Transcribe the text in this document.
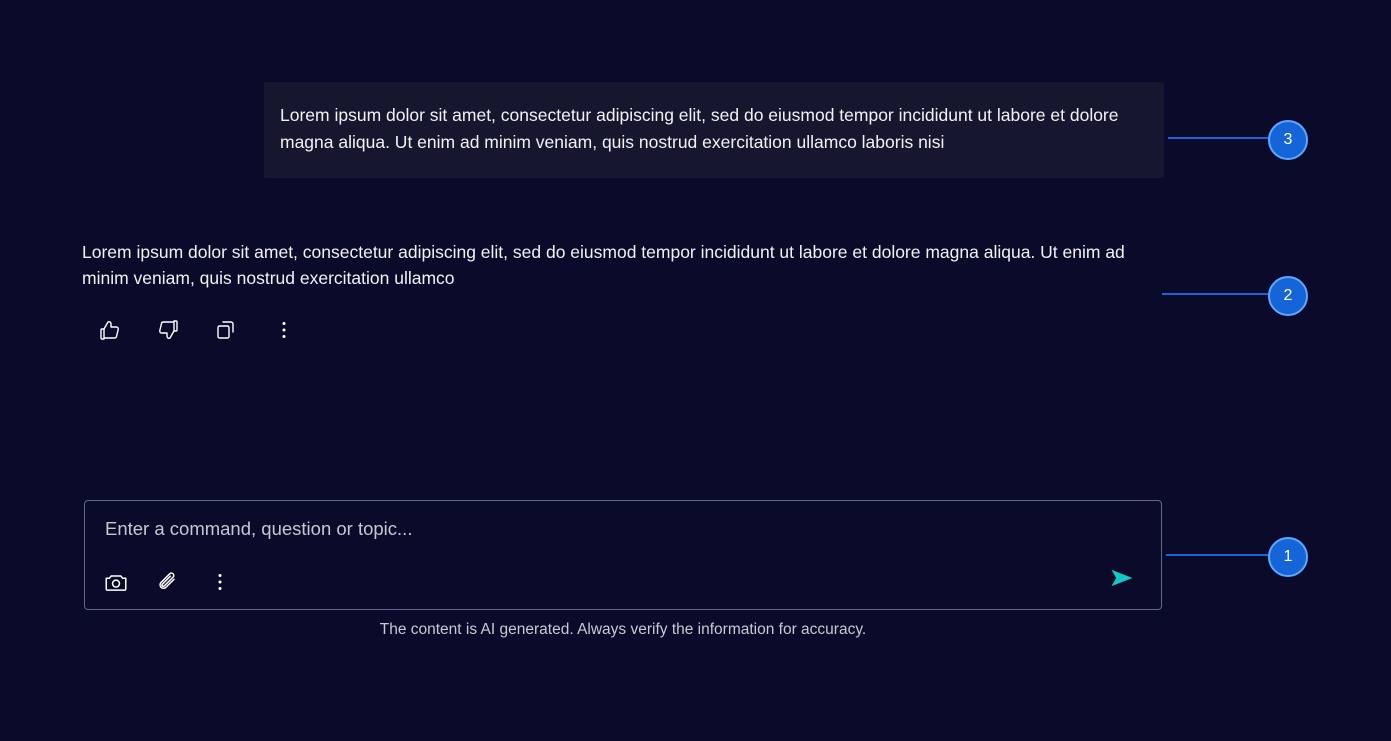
Lorem ipsum dolor sit amet, consectetur adipiscing elit, sed do eiusmod tempor incididunt ut labore et dolore magna aliqua. Ut enim ad minim veniam, quis nostrud exercitation ullamco laboris nisi
Lorem ipsum dolor sit amet, consectetur adipiscing elit, sed do eiusmod tempor incididunt ut labore et dolore magna aliqua. Ut enim ad minim veniam, quis nostrud exercitation ullamco
Enter a command, question or topic...
The content is AI generated. Always verify the information for accuracy.
3
2
1
